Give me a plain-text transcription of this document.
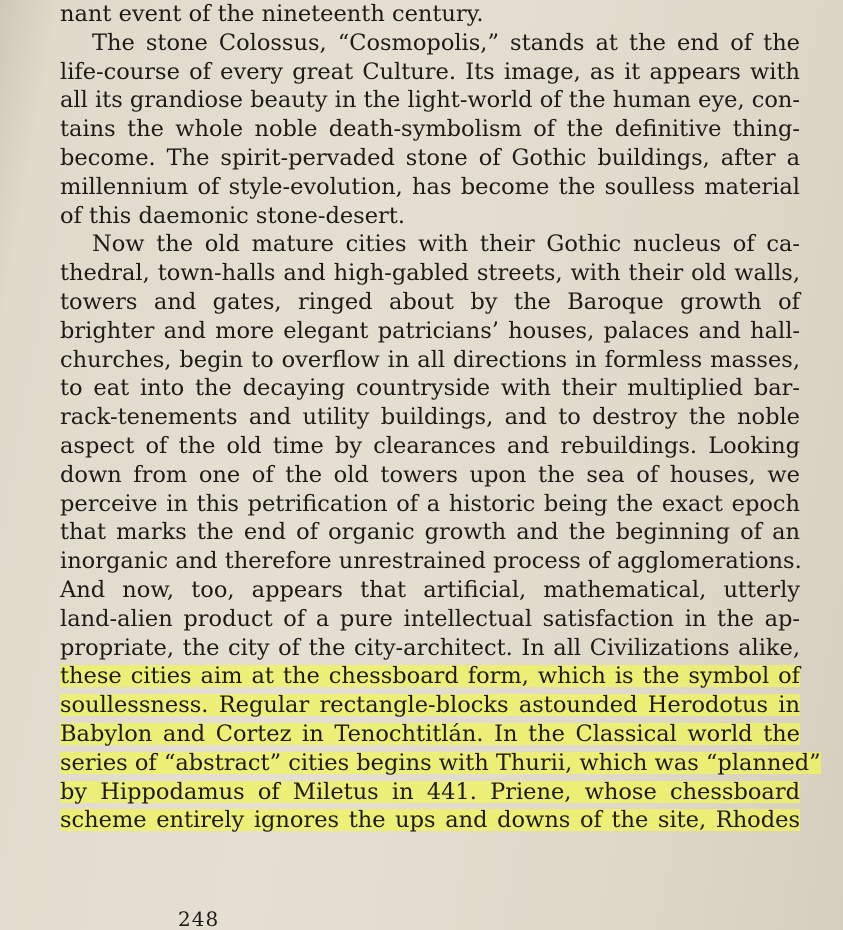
nant event of the nineteenth century.
The stone Colossus, “Cosmopolis,” stands at the end of the
life-course of every great Culture. Its image, as it appears with
all its grandiose beauty in the light-world of the human eye, con-
tains the whole noble death-symbolism of the definitive thing-
become. The spirit-pervaded stone of Gothic buildings, after a
millennium of style-evolution, has become the soulless material
of this daemonic stone-desert.
Now the old mature cities with their Gothic nucleus of ca-
thedral, town-halls and high-gabled streets, with their old walls,
towers and gates, ringed about by the Baroque growth of
brighter and more elegant patricians’ houses, palaces and hall-
churches, begin to overflow in all directions in formless masses,
to eat into the decaying countryside with their multiplied bar-
rack-tenements and utility buildings, and to destroy the noble
aspect of the old time by clearances and rebuildings. Looking
down from one of the old towers upon the sea of houses, we
perceive in this petrification of a historic being the exact epoch
that marks the end of organic growth and the beginning of an
inorganic and therefore unrestrained process of agglomerations.
And now, too, appears that artificial, mathematical, utterly
land-alien product of a pure intellectual satisfaction in the ap-
propriate, the city of the city-architect. In all Civilizations alike,
these cities aim at the chessboard form, which is the symbol of
soullessness. Regular rectangle-blocks astounded Herodotus in
Babylon and Cortez in Tenochtitlán. In the Classical world the
series of “abstract” cities begins with Thurii, which was “planned”
by Hippodamus of Miletus in 441. Priene, whose chessboard
scheme entirely ignores the ups and downs of the site, Rhodes
248
